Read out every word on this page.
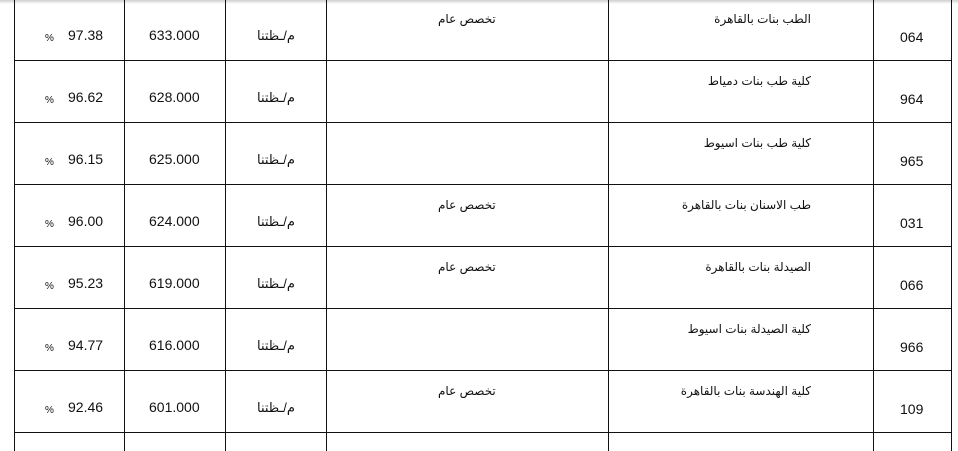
% 97.38	633.000	م/ـظتنا	تخصص عام	الطب بنات بالقاهرة	064

% 96.62	628.000	م/ـظتنا		كلية طب بنات دمياط	964

% 96.15	625.000	م/ـظتنا		كلية طب بنات اسيوط	965

% 96.00	624.000	م/ـظتنا	تخصص عام	طب الاسنان بنات بالقاهرة	031

% 95.23	619.000	م/ـظتنا	تخصص عام	الصيدلة بنات بالقاهرة	066

% 94.77	616.000	م/ـظتنا		كلية الصيدلة بنات اسيوط	966

% 92.46	601.000	م/ـظتنا	تخصص عام	كلية الهندسة بنات بالقاهرة	109
